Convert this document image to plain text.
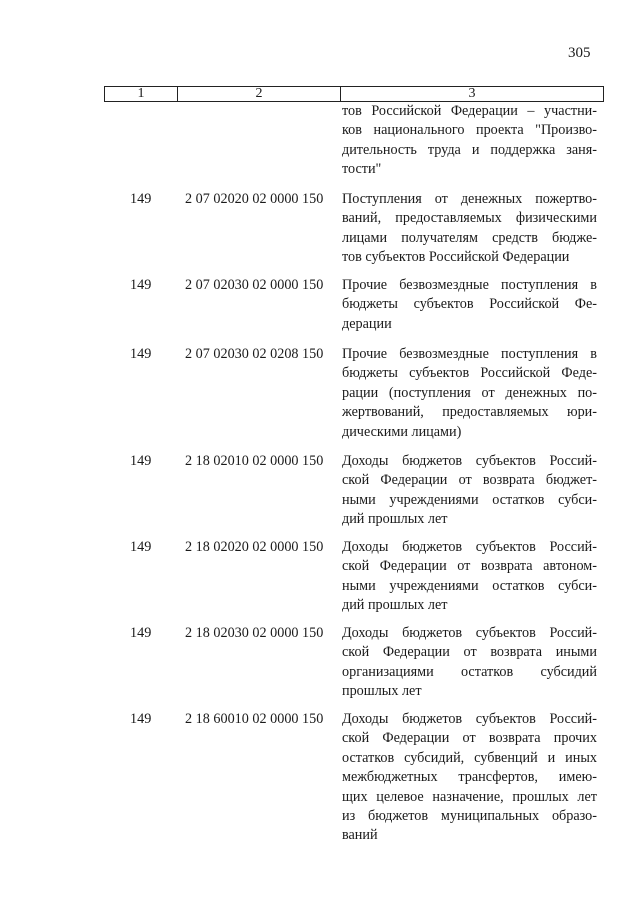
305
1	2	3
тов Российской Федерации – участни-
ков национального проекта "Произво-
дительность труда и поддержка заня-
тости"
149 2 07 02020 02 0000 150 Поступления от денежных пожертво-
ваний, предоставляемых физическими
лицами получателям средств бюдже-
тов субъектов Российской Федерации
149 2 07 02030 02 0000 150 Прочие безвозмездные поступления в
бюджеты субъектов Российской Фе-
дерации
149 2 07 02030 02 0208 150 Прочие безвозмездные поступления в
бюджеты субъектов Российской Феде-
рации (поступления от денежных по-
жертвований, предоставляемых юри-
дическими лицами)
149 2 18 02010 02 0000 150 Доходы бюджетов субъектов Россий-
ской Федерации от возврата бюджет-
ными учреждениями остатков субси-
дий прошлых лет
149 2 18 02020 02 0000 150 Доходы бюджетов субъектов Россий-
ской Федерации от возврата автоном-
ными учреждениями остатков субси-
дий прошлых лет
149 2 18 02030 02 0000 150 Доходы бюджетов субъектов Россий-
ской Федерации от возврата иными
организациями остатков субсидий
прошлых лет
149 2 18 60010 02 0000 150 Доходы бюджетов субъектов Россий-
ской Федерации от возврата прочих
остатков субсидий, субвенций и иных
межбюджетных трансфертов, имею-
щих целевое назначение, прошлых лет
из бюджетов муниципальных образо-
ваний
